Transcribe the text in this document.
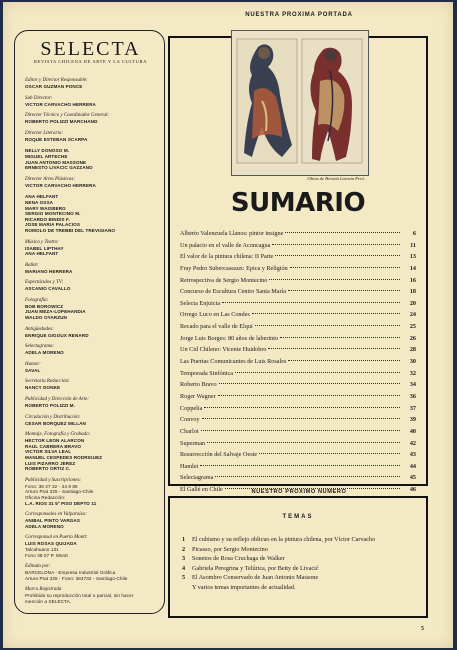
SELECTA
REVISTA CHILENA DE ARTE Y LA CULTURA
Editor y Director Responsable:
OSCAR GUZMAN PONCE
Sub Director:
VICTOR CARVACHO HERRERA
Director Técnico y Coordinador General:
ROBERTO POLIZZI MARCHAND
Director Literario:
ROQUE ESTEBAN SCARPA
NELLY DONOSO M.
MIGUEL ARTECHE
JUAN ANTONIO MASSONE
ERNESTO LIVACIC GAZZANO
Director Artes Plásticas:
VICTOR CARVACHO HERRERA
ANA HELFANT
NENA OSSA
MARY WAISBERG
SERGIO MONTECINO M.
RICARDO BINDIS F.
JOSE MARIA PALACIOS
ROMOLO DE TREBBI DEL TREVIGIANO
Música y Teatro:
ISABEL LIPTHAY
ANA HELFANT
Ballet:
MARIANO HERRERA
Espectáculos y TV:
ASCANIO CAVALLO
Fotografía:
BOB BOROWICZ
JUAN MEZA-LOPEHANDIA
WALDO OYARZUN
Antigüedades:
ENRIQUE GIGOUX RENARD
Selectagrama:
ADELA MORENO
Humor:
SAVAL
Secretaria Redacción:
NANCY DONKE
Publicidad y Dirección de Arte:
ROBERTO POLIZZI M.
Circulación y Distribución:
CESAR BORQUEZ MILLAN
Montaje, Fotografía y Grabado:
HECTOR LEON ALARCON
RAUL CABRERA BRAVO
VICTOR SILVA LEAL
MANUEL CESPEDES RODRIGUEZ
LUIS PIZARRO JEREZ
ROBERTO ORTIZ C.
Publicidad y Suscripciones:
Fono: 38 47 32 - 34 8 85
Arturo Prat 325 - Santiago-Chile
Oficina Redacción:
L.A. RIOS 31 5º PISO DEPTO 11
Corresponsales en Valparaíso:
ANIBAL PINTO VARGAS
ADELA MORENO
Corresponsal en Puerto Montt:
LUIS ROSAS QUIJADA
Talcahuano 131
Fono 38 07 P. Montt
Editada por:
BARCELONA - Empresa Industrial Gráfica
Arturo Prat 325 - Fono: 384732 - Santiago-Chile
Marca Registrada
Prohibida su reproducción total o parcial, sin hacer
mención a SELECTA.
NUESTRA PROXIMA PORTADA
Obras de Hernán Larraín Peró.
SUMARIO
Alberto Valenzuela Llanos: pintor insigne	6
Un palacio en el valle de Aconcagua	11
El valor de la pintura chilena: II Parte	13
Fray Pedro Subercaseaux: Epica y Religión	14
Retrospectiva de Sergio Montecino	16
Concurso de Escultura Centro Santa María	18
Selecta Enjuicia	20
Orrego Luco en Las Condes	24
Recado para el valle de Elqui	25
Jorge Luis Borges: 80 años de laberinto	26
Un Cid Chileno: Vicente Huidobro	28
Las Puertas Comunicantes de Luis Rosales	30
Temporada Sinfónica	32
Roberto Bravo	34
Roger Wagner	36
Coppelia	37
Convoy	39
Charlot	40
Superman	42
Resurrección del Salvaje Oeste	43
Hamlet	44
Selectagrama	45
El Gallé en Chile	46
NUESTRO PROXIMO NUMERO
TEMAS
1 El cubismo y su reflejo oblicuo en la pintura chilena, por Víctor Carvacho
2 Picasso, por Sergio Montecino
3 Sonetos de Rosa Cruchaga de Walker
4 Gabriela Peregrina y Telúrica, por Betty de Livacić
5 El Asombro Conservado de Juan Antonio Massone
Y varios temas importantes de actualidad.
5
